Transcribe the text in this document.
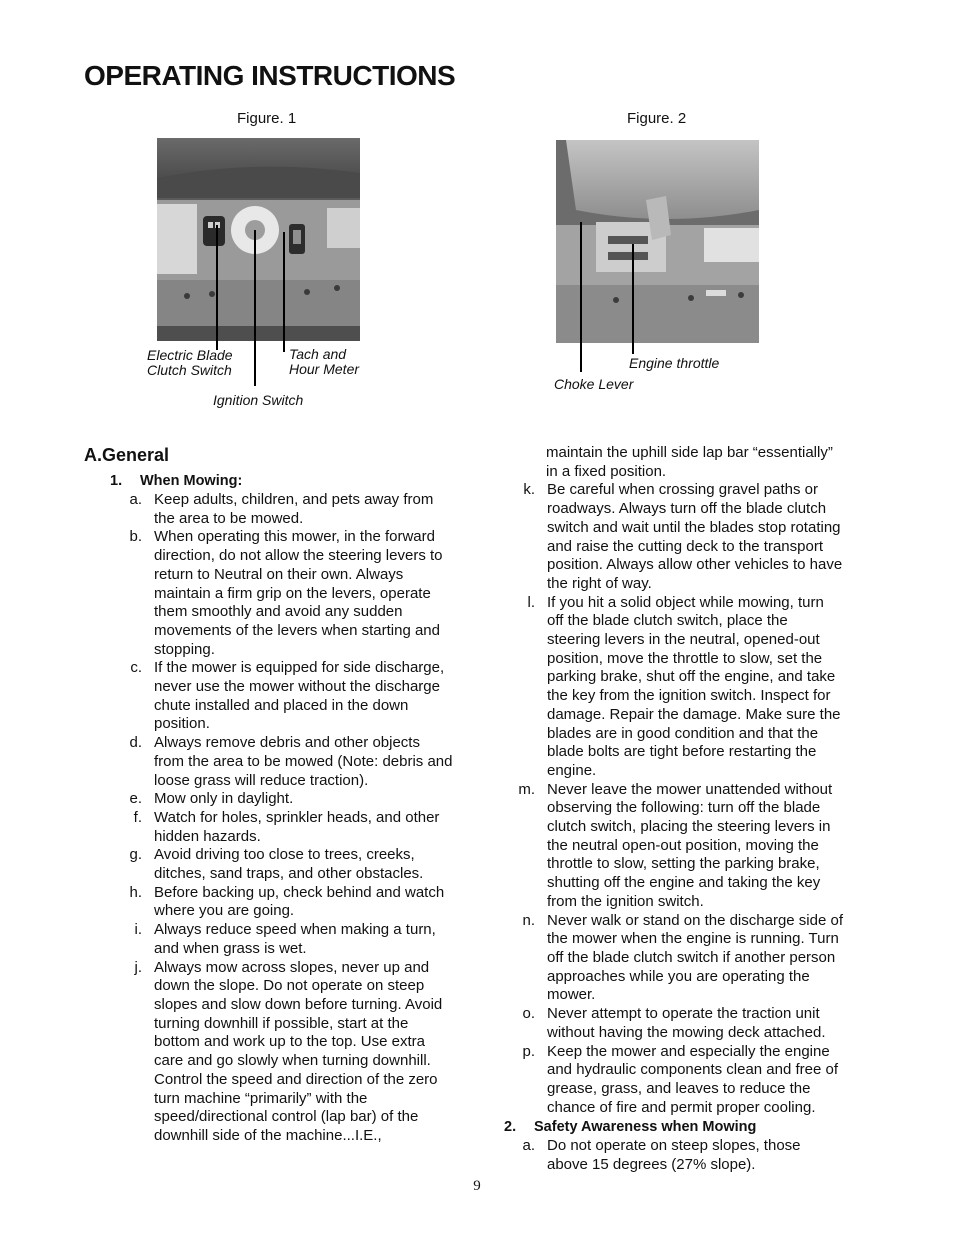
OPERATING INSTRUCTIONS
Figure. 1
Electric Blade
Clutch Switch
Tach and
Hour Meter
Ignition Switch
Figure. 2
Engine throttle
Choke Lever
A.General
1. When Mowing:
a. Keep adults, children, and pets away from the area to be mowed.
b. When operating this mower, in the forward direction, do not allow the steering levers to return to Neutral on their own. Always maintain a firm grip on the levers, operate them smoothly and avoid any sudden movements of the levers when starting and stopping.
c. If the mower is equipped for side discharge, never use the mower without the discharge chute installed and placed in the down position.
d. Always remove debris and other objects from the area to be mowed (Note: debris and loose grass will reduce traction).
e. Mow only in daylight.
f. Watch for holes, sprinkler heads, and other hidden hazards.
g. Avoid driving too close to trees, creeks, ditches, sand traps, and other obstacles.
h. Before backing up, check behind and watch where you are going.
i. Always reduce speed when making a turn, and when grass is wet.
j. Always mow across slopes, never up and down the slope. Do not operate on steep slopes and slow down before turning. Avoid turning downhill if possible, start at the bottom and work up to the top. Use extra care and go slowly when turning downhill. Control the speed and direction of the zero turn machine “primarily” with the speed/directional control (lap bar) of the downhill side of the machine...I.E.,
maintain the uphill side lap bar “essentially” in a fixed position.
k. Be careful when crossing gravel paths or roadways. Always turn off the blade clutch switch and wait until the blades stop rotating and raise the cutting deck to the transport position. Always allow other vehicles to have the right of way.
l. If you hit a solid object while mowing, turn off the blade clutch switch, place the steering levers in the neutral, opened-out position, move the throttle to slow, set the parking brake, shut off the engine, and take the key from the ignition switch. Inspect for damage. Repair the damage. Make sure the blades are in good condition and that the blade bolts are tight before restarting the engine.
m. Never leave the mower unattended without observing the following: turn off the blade clutch switch, placing the steering levers in the neutral open-out position, moving the throttle to slow, setting the parking brake, shutting off the engine and taking the key from the ignition switch.
n. Never walk or stand on the discharge side of the mower when the engine is running. Turn off the blade clutch switch if another person approaches while you are operating the mower.
o. Never attempt to operate the traction unit without having the mowing deck attached.
p. Keep the mower and especially the engine and hydraulic components clean and free of grease, grass, and leaves to reduce the chance of fire and permit proper cooling.
2. Safety Awareness when Mowing
a. Do not operate on steep slopes, those above 15 degrees (27% slope).
9
